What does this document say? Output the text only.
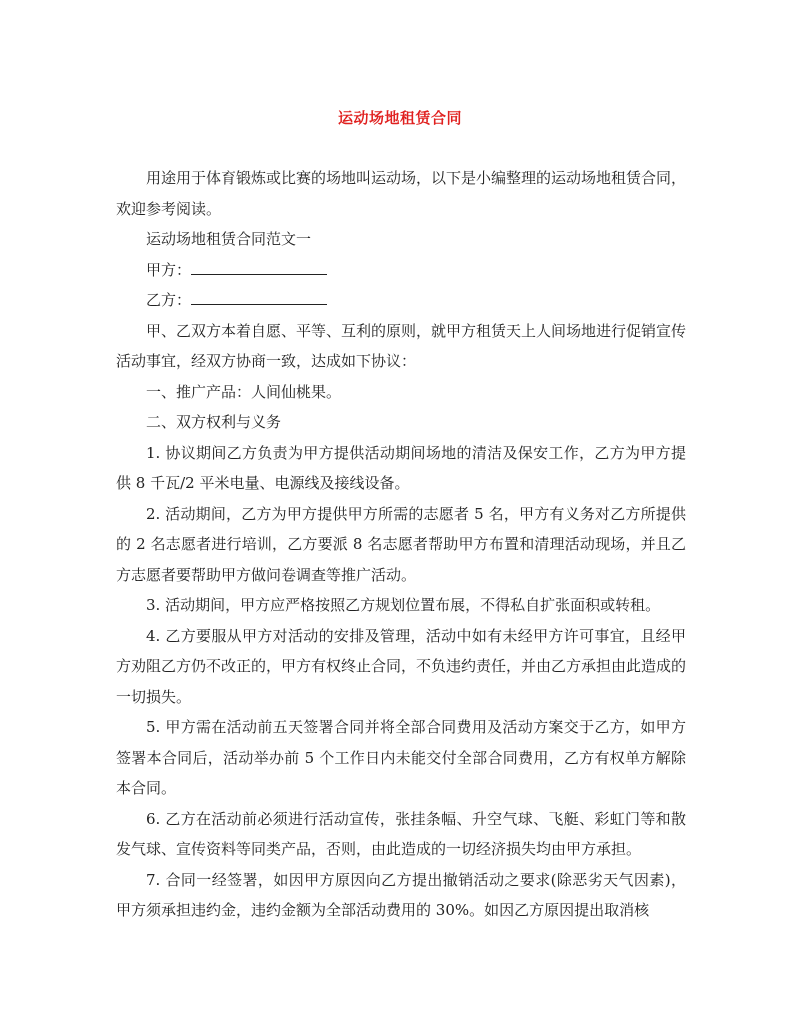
运动场地租赁合同

用途用于体育锻炼或比赛的场地叫运动场，以下是小编整理的运动场地租赁合同，欢迎参考阅读。

运动场地租赁合同范文一

甲方：

乙方：

甲、乙双方本着自愿、平等、互利的原则，就甲方租赁天上人间场地进行促销宣传活动事宜，经双方协商一致，达成如下协议：

一、推广产品：人间仙桃果。

二、双方权利与义务

1. 协议期间乙方负责为甲方提供活动期间场地的清洁及保安工作，乙方为甲方提供 8 千瓦/2 平米电量、电源线及接线设备。

2. 活动期间，乙方为甲方提供甲方所需的志愿者 5 名，甲方有义务对乙方所提供的 2 名志愿者进行培训，乙方要派 8 名志愿者帮助甲方布置和清理活动现场，并且乙方志愿者要帮助甲方做问卷调查等推广活动。

3. 活动期间，甲方应严格按照乙方规划位置布展，不得私自扩张面积或转租。

4. 乙方要服从甲方对活动的安排及管理，活动中如有未经甲方许可事宜，且经甲方劝阻乙方仍不改正的，甲方有权终止合同，不负违约责任，并由乙方承担由此造成的一切损失。

5. 甲方需在活动前五天签署合同并将全部合同费用及活动方案交于乙方，如甲方签署本合同后，活动举办前 5 个工作日内未能交付全部合同费用，乙方有权单方解除本合同。

6. 乙方在活动前必须进行活动宣传，张挂条幅、升空气球、飞艇、彩虹门等和散发气球、宣传资料等同类产品，否则，由此造成的一切经济损失均由甲方承担。

7. 合同一经签署，如因甲方原因向乙方提出撤销活动之要求(除恶劣天气因素)，甲方须承担违约金，违约金额为全部活动费用的 30%。如因乙方原因提出取消核
